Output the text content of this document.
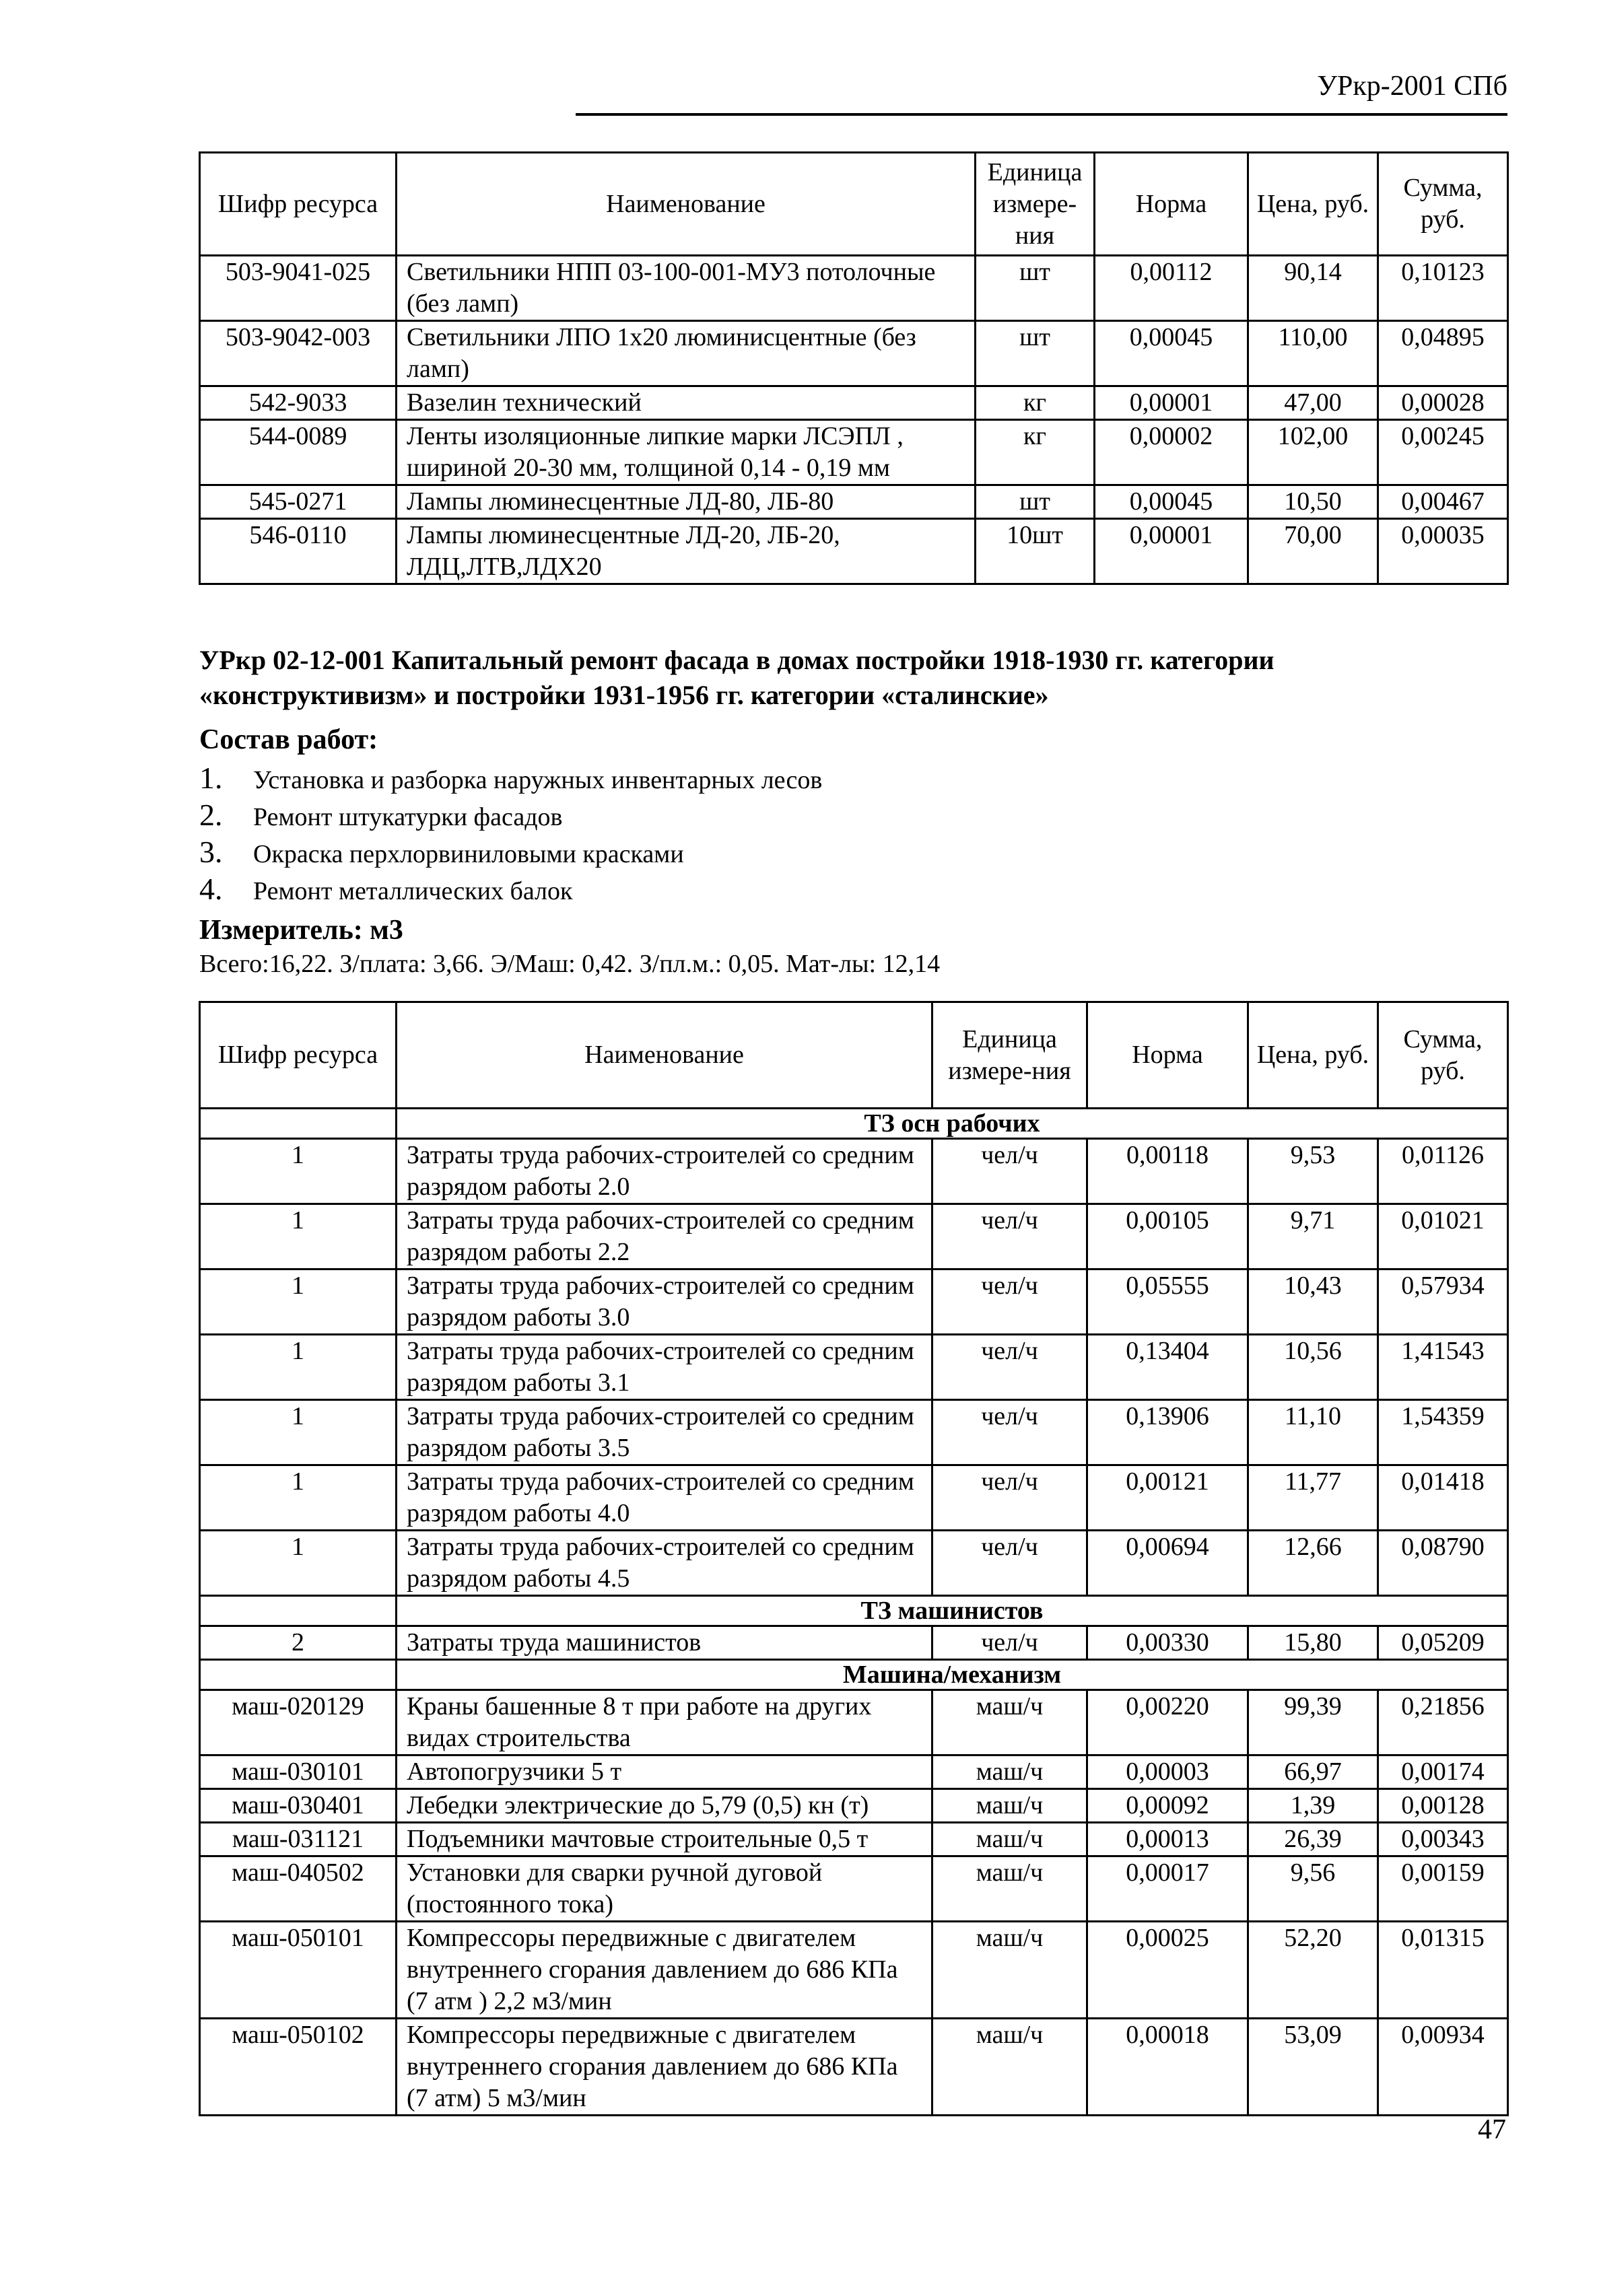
УРкр-2001 СПб
Шифр ресурса	Наименование	Единица измере-ния	Норма	Цена, руб.	Сумма, руб.
503-9041-025	Светильники НПП 03-100-001-МУ3 потолочные (без ламп)	шт	0,00112	90,14	0,10123
503-9042-003	Светильники ЛПО 1х20 люминисцентные (без ламп)	шт	0,00045	110,00	0,04895
542-9033	Вазелин технический	кг	0,00001	47,00	0,00028
544-0089	Ленты изоляционные липкие марки ЛСЭПЛ , шириной 20-30 мм, толщиной 0,14 - 0,19 мм	кг	0,00002	102,00	0,00245
545-0271	Лампы люминесцентные ЛД-80, ЛБ-80	шт	0,00045	10,50	0,00467
546-0110	Лампы люминесцентные ЛД-20, ЛБ-20, ЛДЦ,ЛТВ,ЛДХ20	10шт	0,00001	70,00	0,00035
УРкр 02-12-001 Капитальный ремонт фасада в домах постройки 1918-1930 гг. категории «конструктивизм» и постройки 1931-1956 гг. категории «сталинские»
Состав работ:
1. Установка и разборка наружных инвентарных лесов
2. Ремонт штукатурки фасадов
3. Окраска перхлорвиниловыми красками
4. Ремонт металлических балок
Измеритель: м3
Всего:16,22. З/плата: 3,66. Э/Маш: 0,42. З/пл.м.: 0,05. Мат-лы: 12,14
Шифр ресурса	Наименование	Единица измере-ния	Норма	Цена, руб.	Сумма, руб.
	ТЗ осн рабочих				
1	Затраты труда рабочих-строителей со средним разрядом работы 2.0	чел/ч	0,00118	9,53	0,01126
1	Затраты труда рабочих-строителей со средним разрядом работы 2.2	чел/ч	0,00105	9,71	0,01021
1	Затраты труда рабочих-строителей со средним разрядом работы 3.0	чел/ч	0,05555	10,43	0,57934
1	Затраты труда рабочих-строителей со средним разрядом работы 3.1	чел/ч	0,13404	10,56	1,41543
1	Затраты труда рабочих-строителей со средним разрядом работы 3.5	чел/ч	0,13906	11,10	1,54359
1	Затраты труда рабочих-строителей со средним разрядом работы 4.0	чел/ч	0,00121	11,77	0,01418
1	Затраты труда рабочих-строителей со средним разрядом работы 4.5	чел/ч	0,00694	12,66	0,08790
	ТЗ машинистов				
2	Затраты труда машинистов	чел/ч	0,00330	15,80	0,05209
	Машина/механизм				
маш-020129	Краны башенные 8 т при работе на других видах строительства	маш/ч	0,00220	99,39	0,21856
маш-030101	Автопогрузчики 5 т	маш/ч	0,00003	66,97	0,00174
маш-030401	Лебедки электрические до 5,79 (0,5) кн (т)	маш/ч	0,00092	1,39	0,00128
маш-031121	Подъемники мачтовые строительные 0,5 т	маш/ч	0,00013	26,39	0,00343
маш-040502	Установки для сварки ручной дуговой (постоянного тока)	маш/ч	0,00017	9,56	0,00159
маш-050101	Компрессоры передвижные с двигателем внутреннего сгорания давлением до 686 КПа (7 атм ) 2,2 м3/мин	маш/ч	0,00025	52,20	0,01315
маш-050102	Компрессоры передвижные с двигателем внутреннего сгорания давлением до 686 КПа (7 атм) 5 м3/мин	маш/ч	0,00018	53,09	0,00934
47
